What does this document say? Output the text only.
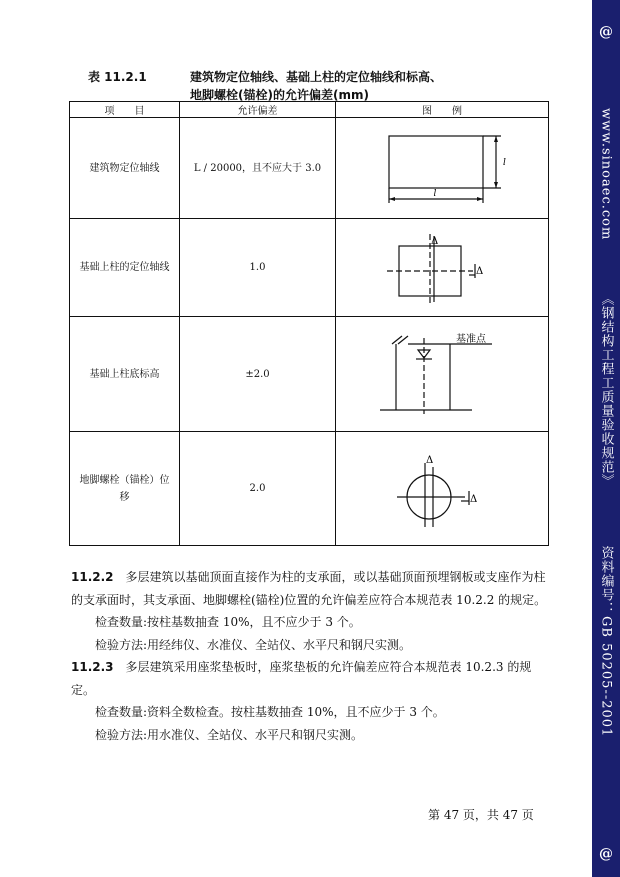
@
www.sinoaec.com
《钢结构工程工质量验收规范》
资料编号：GB 50205--2001
@
表 11.2.1	建筑物定位轴线、基础上柱的定位轴线和标高、
地脚螺栓(锚栓)的允许偏差(mm)
项　　目	允许偏差	图　　例

建筑物定位轴线	L / 20000，且不应大于 3.0	l
l

基础上柱的定位轴线	1.0	Δ
Δ

基础上柱底标高	±2.0	基准点

地脚螺栓（锚栓）位移	2.0	Δ
Δ

11.2.2　 多层建筑以基础顶面直接作为柱的支承面，或以基础顶面预埋钢板或支座作为柱的支承面时，其支承面、地脚螺栓(锚栓)位置的允许偏差应符合本规范表 10.2.2 的规定。

检查数量:按柱基数抽查 10%，且不应少于 3 个。

检验方法:用经纬仪、水准仪、全站仪、水平尺和钢尺实测。

11.2.3　 多层建筑采用座浆垫板时，座浆垫板的允许偏差应符合本规范表 10.2.3 的规定。

检查数量:资料全数检查。按柱基数抽查 10%，且不应少于 3 个。

检验方法:用水准仪、全站仪、水平尺和钢尺实测。

第 47 页，共 47 页
